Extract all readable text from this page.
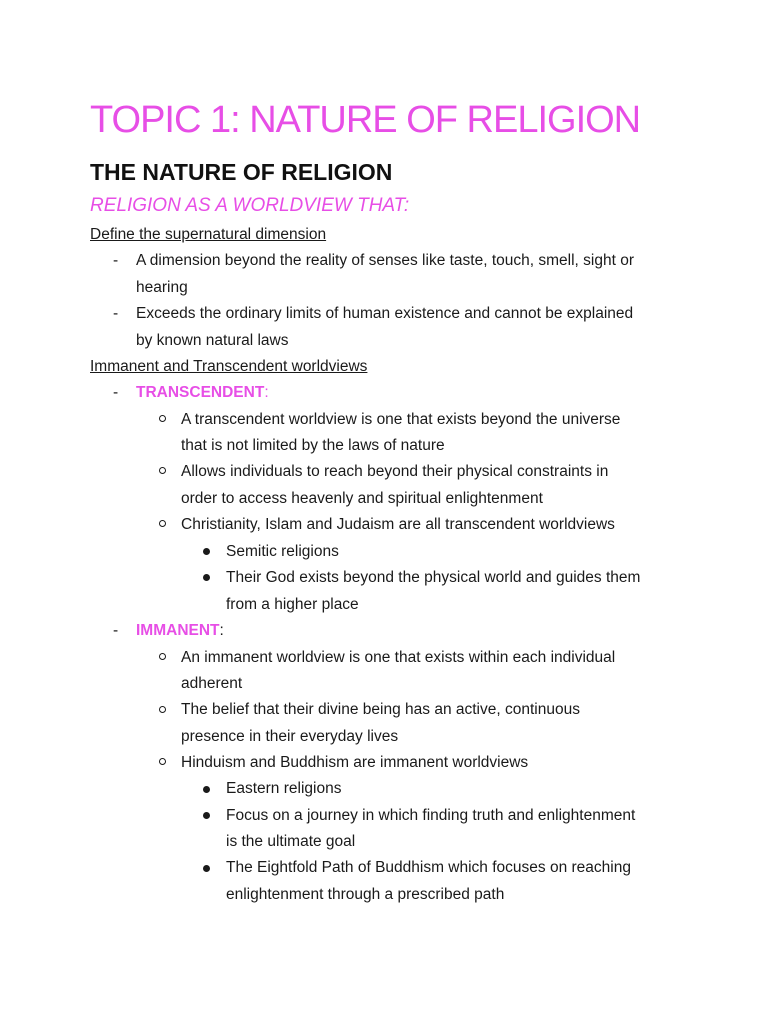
TOPIC 1: NATURE OF RELIGION
THE NATURE OF RELIGION
RELIGION AS A WORLDVIEW THAT:
Define the supernatural dimension
- A dimension beyond the reality of senses like taste, touch, smell, sight or
hearing
- Exceeds the ordinary limits of human existence and cannot be explained
by known natural laws
Immanent and Transcendent worldviews
- TRANSCENDENT:
A transcendent worldview is one that exists beyond the universe
that is not limited by the laws of nature
Allows individuals to reach beyond their physical constraints in
order to access heavenly and spiritual enlightenment
Christianity, Islam and Judaism are all transcendent worldviews
Semitic religions
Their God exists beyond the physical world and guides them
from a higher place
- IMMANENT:
An immanent worldview is one that exists within each individual
adherent
The belief that their divine being has an active, continuous
presence in their everyday lives
Hinduism and Buddhism are immanent worldviews
Eastern religions
Focus on a journey in which finding truth and enlightenment
is the ultimate goal
The Eightfold Path of Buddhism which focuses on reaching
enlightenment through a prescribed path
